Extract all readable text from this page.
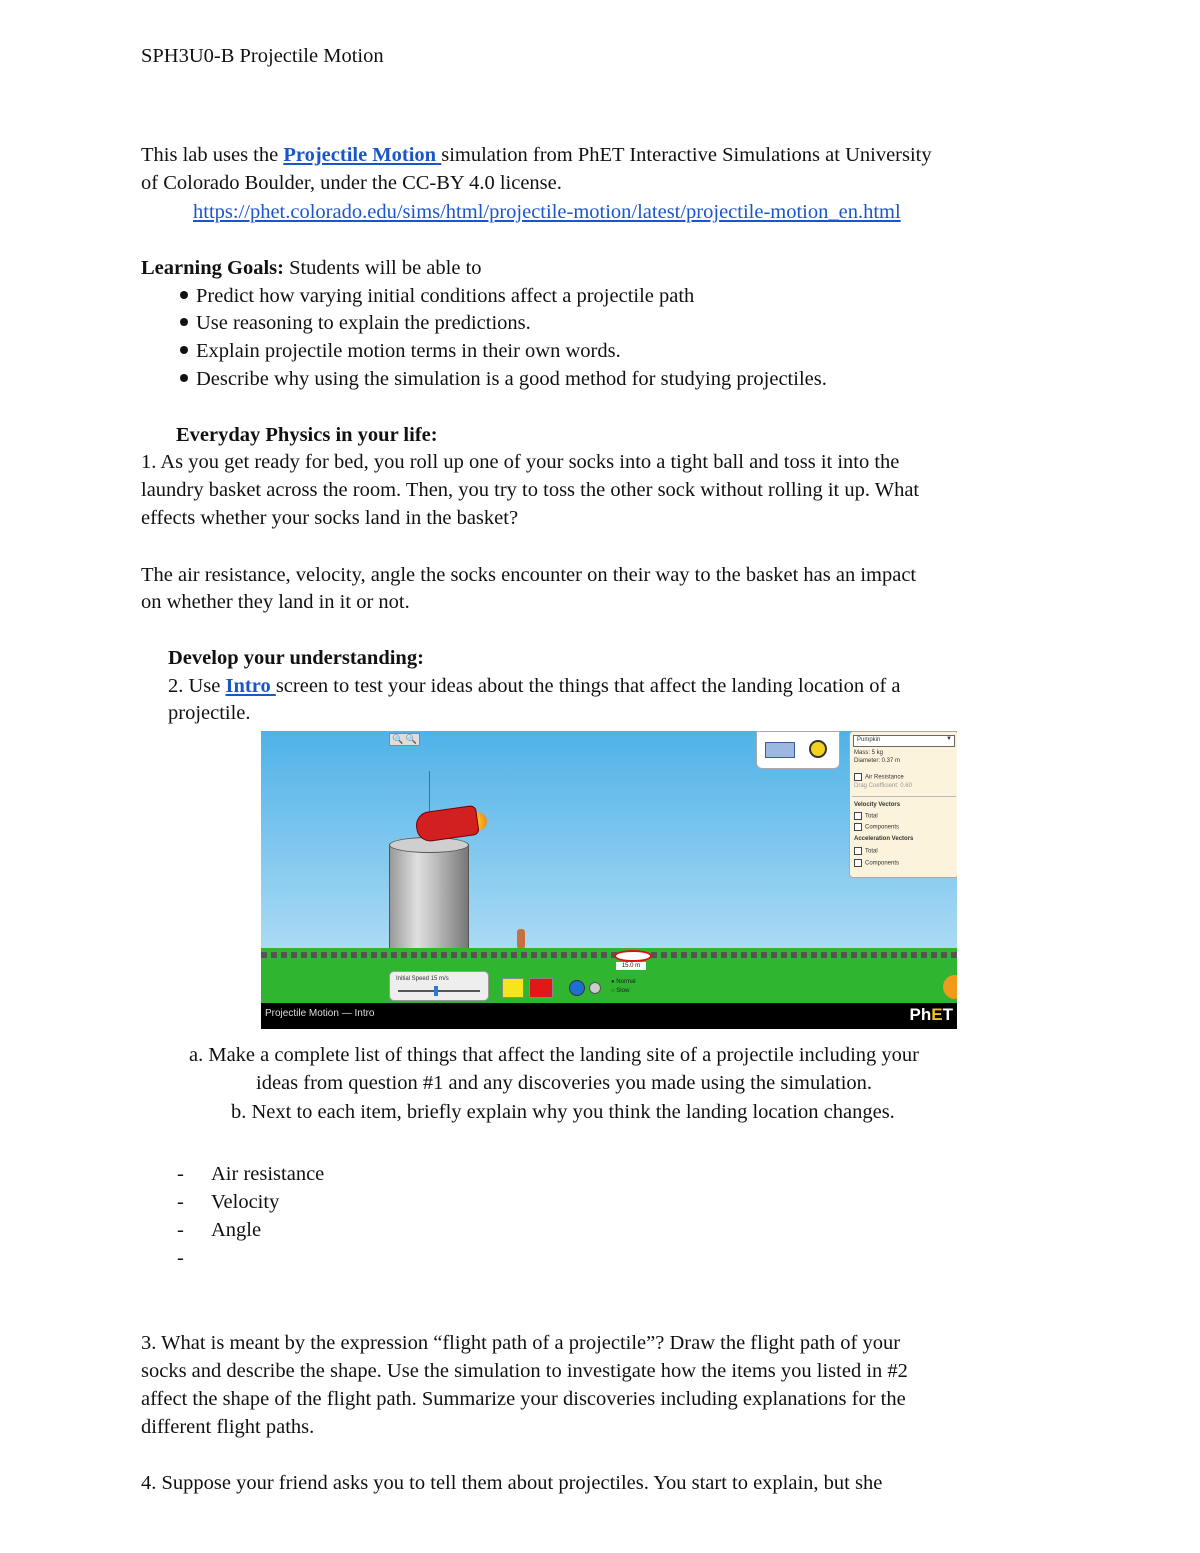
SPH3U0-B Projectile Motion
This lab uses the Projectile Motion simulation from PhET Interactive Simulations at University
of Colorado Boulder, under the CC-BY 4.0 license.
https://phet.colorado.edu/sims/html/projectile-motion/latest/projectile-motion_en.html
Learning Goals: Students will be able to
Predict how varying initial conditions affect a projectile path
Use reasoning to explain the predictions.
Explain projectile motion terms in their own words.
Describe why using the simulation is a good method for studying projectiles.
Everyday Physics in your life:
1. As you get ready for bed, you roll up one of your socks into a tight ball and toss it into the
laundry basket across the room. Then, you try to toss the other sock without rolling it up. What
effects whether your socks land in the basket?
The air resistance, velocity, angle the socks encounter on their way to the basket has an impact
on whether they land in it or not.
Develop your understanding:
2. Use Intro screen to test your ideas about the things that affect the landing location of a
projectile.
🔍 🔍
15.0 m
Initial Speed 15 m/s	● Normal
○ Slow
Pumpkin	▼
Mass: 5 kg
Diameter: 0.37 m
Air Resistance
Drag Coefficient: 0.60
Velocity Vectors
Total
Components
Acceleration Vectors
Total
Components
Projectile Motion — Intro	PhET
a. Make a complete list of things that affect the landing site of a projectile including your
ideas from question #1 and any discoveries you made using the simulation.
b. Next to each item, briefly explain why you think the landing location changes.
- Air resistance
- Velocity
- Angle
-
3. What is meant by the expression “flight path of a projectile”? Draw the flight path of your
socks and describe the shape. Use the simulation to investigate how the items you listed in #2
affect the shape of the flight path. Summarize your discoveries including explanations for the
different flight paths.
4. Suppose your friend asks you to tell them about projectiles. You start to explain, but she
